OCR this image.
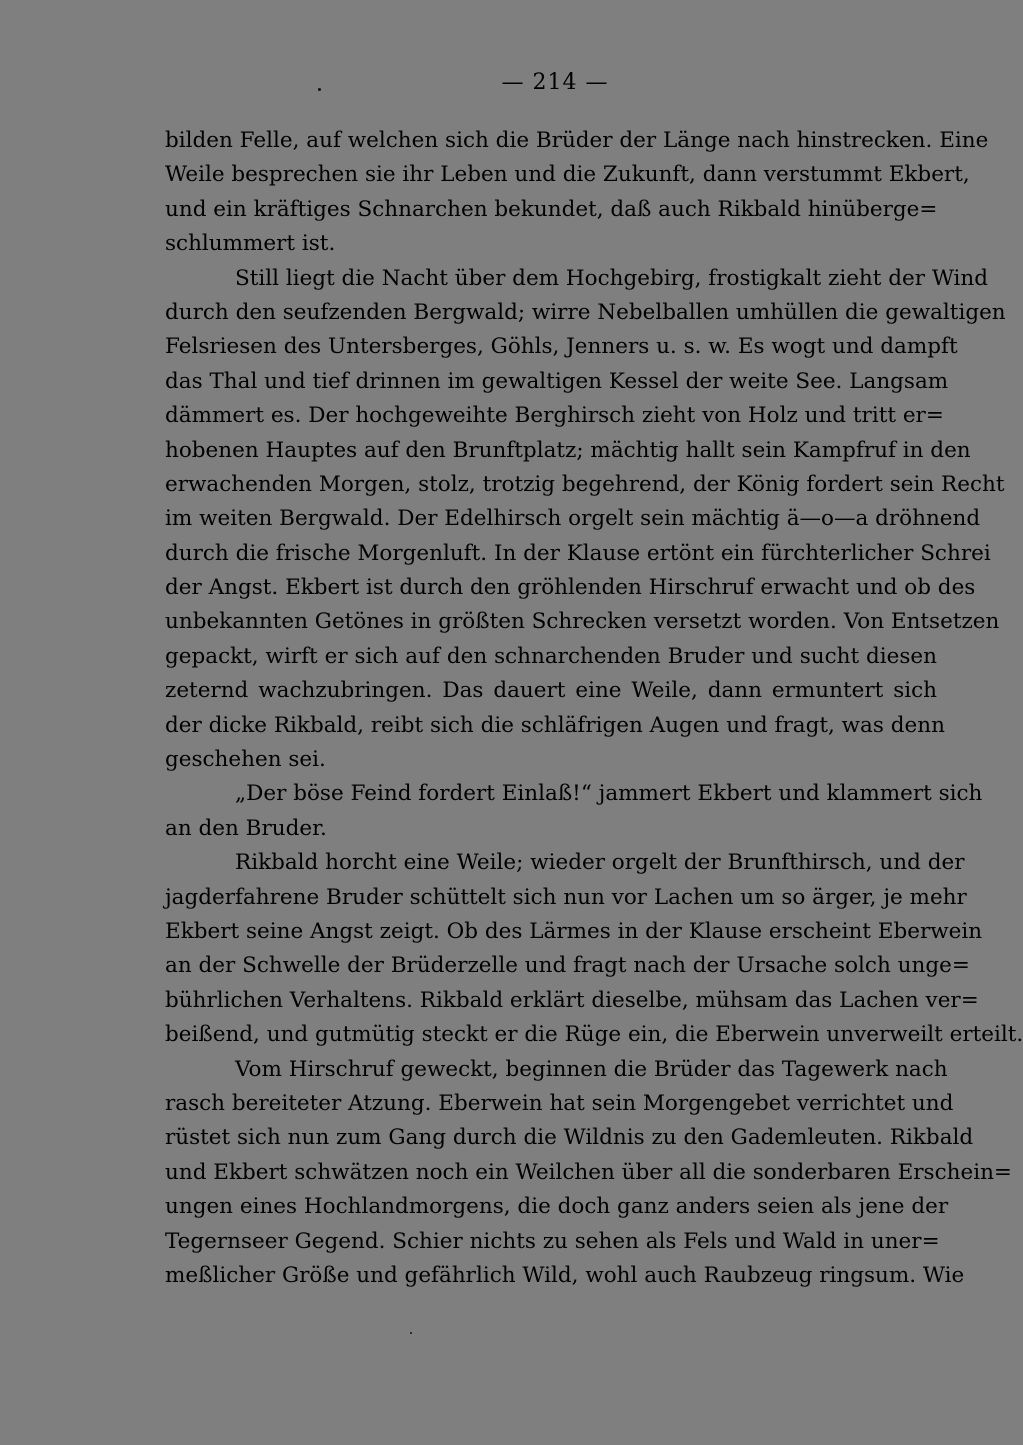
— 214 —
bilden Felle, auf welchen sich die Brüder der Länge nach hinstrecken. Eine
Weile besprechen sie ihr Leben und die Zukunft, dann verstummt Ekbert,
und ein kräftiges Schnarchen bekundet, daß auch Rikbald hinüberge=
schlummert ist.
Still liegt die Nacht über dem Hochgebirg, frostigkalt zieht der Wind
durch den seufzenden Bergwald; wirre Nebelballen umhüllen die gewaltigen
Felsriesen des Untersberges, Göhls, Jenners u. s. w. Es wogt und dampft
das Thal und tief drinnen im gewaltigen Kessel der weite See. Langsam
dämmert es. Der hochgeweihte Berghirsch zieht von Holz und tritt er=
hobenen Hauptes auf den Brunftplatz; mächtig hallt sein Kampfruf in den
erwachenden Morgen, stolz, trotzig begehrend, der König fordert sein Recht
im weiten Bergwald. Der Edelhirsch orgelt sein mächtig ä—o—a dröhnend
durch die frische Morgenluft. In der Klause ertönt ein fürchterlicher Schrei
der Angst. Ekbert ist durch den gröhlenden Hirschruf erwacht und ob des
unbekannten Getönes in größten Schrecken versetzt worden. Von Entsetzen
gepackt, wirft er sich auf den schnarchenden Bruder und sucht diesen
zeternd wachzubringen. Das dauert eine Weile, dann ermuntert sich
der dicke Rikbald, reibt sich die schläfrigen Augen und fragt, was denn
geschehen sei.
„Der böse Feind fordert Einlaß!“ jammert Ekbert und klammert sich
an den Bruder.
Rikbald horcht eine Weile; wieder orgelt der Brunfthirsch, und der
jagderfahrene Bruder schüttelt sich nun vor Lachen um so ärger, je mehr
Ekbert seine Angst zeigt. Ob des Lärmes in der Klause erscheint Eberwein
an der Schwelle der Brüderzelle und fragt nach der Ursache solch unge=
bührlichen Verhaltens. Rikbald erklärt dieselbe, mühsam das Lachen ver=
beißend, und gutmütig steckt er die Rüge ein, die Eberwein unverweilt erteilt.
Vom Hirschruf geweckt, beginnen die Brüder das Tagewerk nach
rasch bereiteter Atzung. Eberwein hat sein Morgengebet verrichtet und
rüstet sich nun zum Gang durch die Wildnis zu den Gademleuten. Rikbald
und Ekbert schwätzen noch ein Weilchen über all die sonderbaren Erschein=
ungen eines Hochlandmorgens, die doch ganz anders seien als jene der
Tegernseer Gegend. Schier nichts zu sehen als Fels und Wald in uner=
meßlicher Größe und gefährlich Wild, wohl auch Raubzeug ringsum. Wie
